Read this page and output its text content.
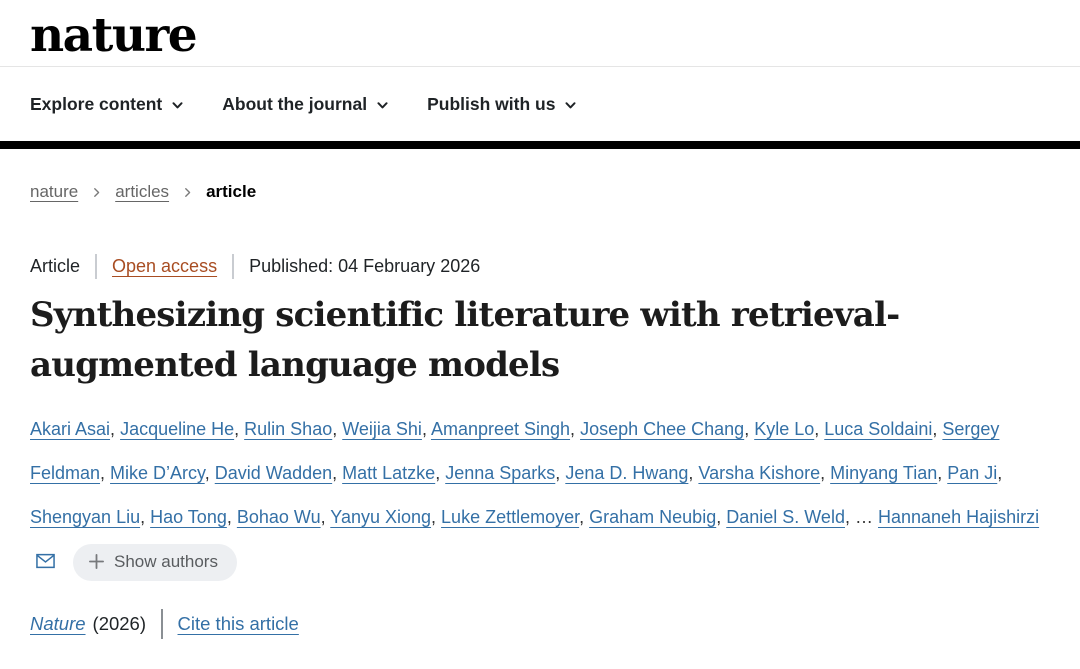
nature
Explore content	About the journal	Publish with us
nature articles article
Article Open access Published: 04 February 2026
Synthesizing scientific literature with retrieval-
augmented language models

Akari Asai, Jacqueline He, Rulin Shao, Weijia Shi, Amanpreet Singh, Joseph Chee Chang, Kyle Lo, Luca Soldaini, Sergey Feldman, Mike D’Arcy, David Wadden, Matt Latzke, Jenna Sparks, Jena D. Hwang, Varsha Kishore, Minyang Tian, Pan Ji, Shengyan Liu, Hao Tong, Bohao Wu, Yanyu Xiong, Luke Zettlemoyer, Graham Neubig, Daniel S. Weld, … Hannaneh Hajishirzi
Show authors

Nature (2026) Cite this article
